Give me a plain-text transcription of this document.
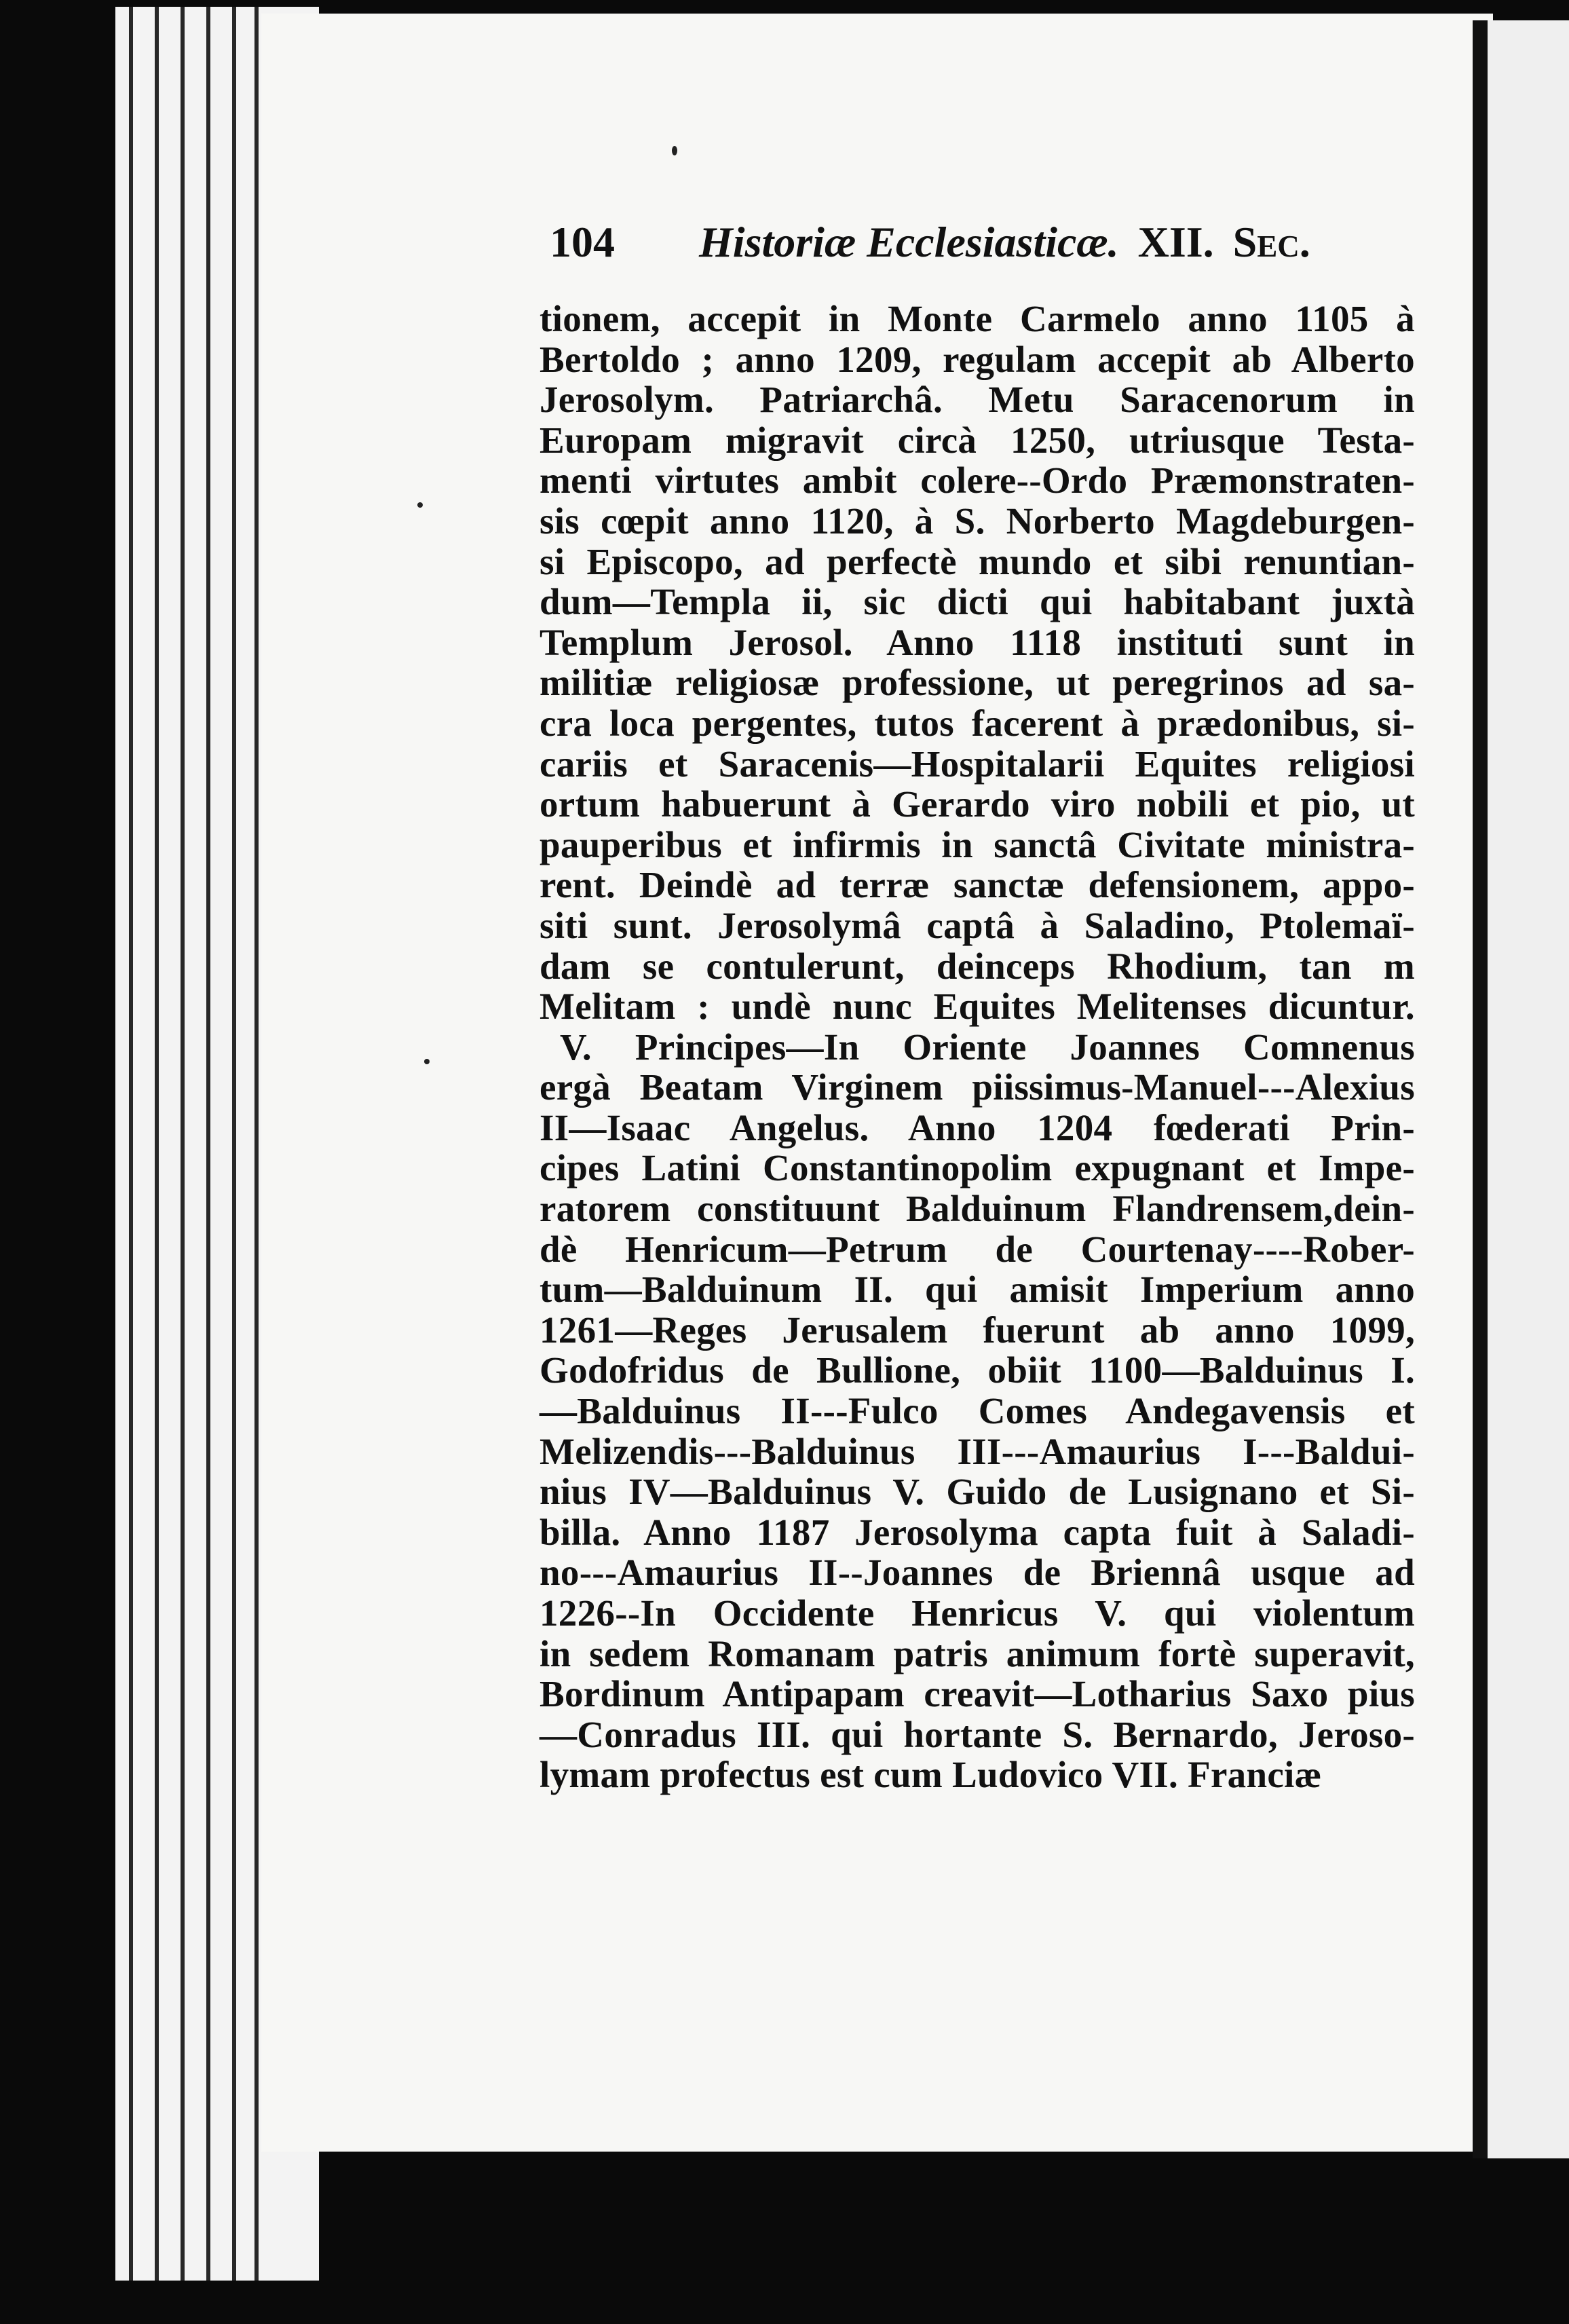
104	Historiæ Ecclesiasticæ. XII. Sec.
tionem, accepit in Monte Carmelo anno 1105 à
Bertoldo ; anno 1209, regulam accepit ab Alberto
Jerosolym. Patriarchâ. Metu Saracenorum in
Europam migravit circà 1250, utriusque Testa-
menti virtutes ambit colere--Ordo Præmonstraten-
sis cœpit anno 1120, à S. Norberto Magdeburgen-
si Episcopo, ad perfectè mundo et sibi renuntian-
dum—Templa ii, sic dicti qui habitabant juxtà
Templum Jerosol. Anno 1118 instituti sunt in
militiæ religiosæ professione, ut peregrinos ad sa-
cra loca pergentes, tutos facerent à prædonibus, si-
cariis et Saracenis—Hospitalarii Equites religiosi
ortum habuerunt à Gerardo viro nobili et pio, ut
pauperibus et infirmis in sanctâ Civitate ministra-
rent. Deindè ad terræ sanctæ defensionem, appo-
siti sunt. Jerosolymâ captâ à Saladino, Ptolemaï-
dam se contulerunt, deinceps Rhodium, tan m
Melitam : undè nunc Equites Melitenses dicuntur.
V. Principes—In Oriente Joannes Comnenus
ergà Beatam Virginem piissimus-Manuel---Alexius
II—Isaac Angelus. Anno 1204 fœderati Prin-
cipes Latini Constantinopolim expugnant et Impe-
ratorem constituunt Balduinum Flandrensem,dein-
dè Henricum—Petrum de Courtenay----Rober-
tum—Balduinum II. qui amisit Imperium anno
1261—Reges Jerusalem fuerunt ab anno 1099,
Godofridus de Bullione, obiit 1100—Balduinus I.
—Balduinus II---Fulco Comes Andegavensis et
Melizendis---Balduinus III---Amaurius I---Baldui-
nius IV—Balduinus V. Guido de Lusignano et Si-
billa. Anno 1187 Jerosolyma capta fuit à Saladi-
no---Amaurius II--Joannes de Briennâ usque ad
1226--In Occidente Henricus V. qui violentum
in sedem Romanam patris animum fortè superavit,
Bordinum Antipapam creavit—Lotharius Saxo pius
—Conradus III. qui hortante S. Bernardo, Jeroso-
lymam profectus est cum Ludovico VII. Franciæ
